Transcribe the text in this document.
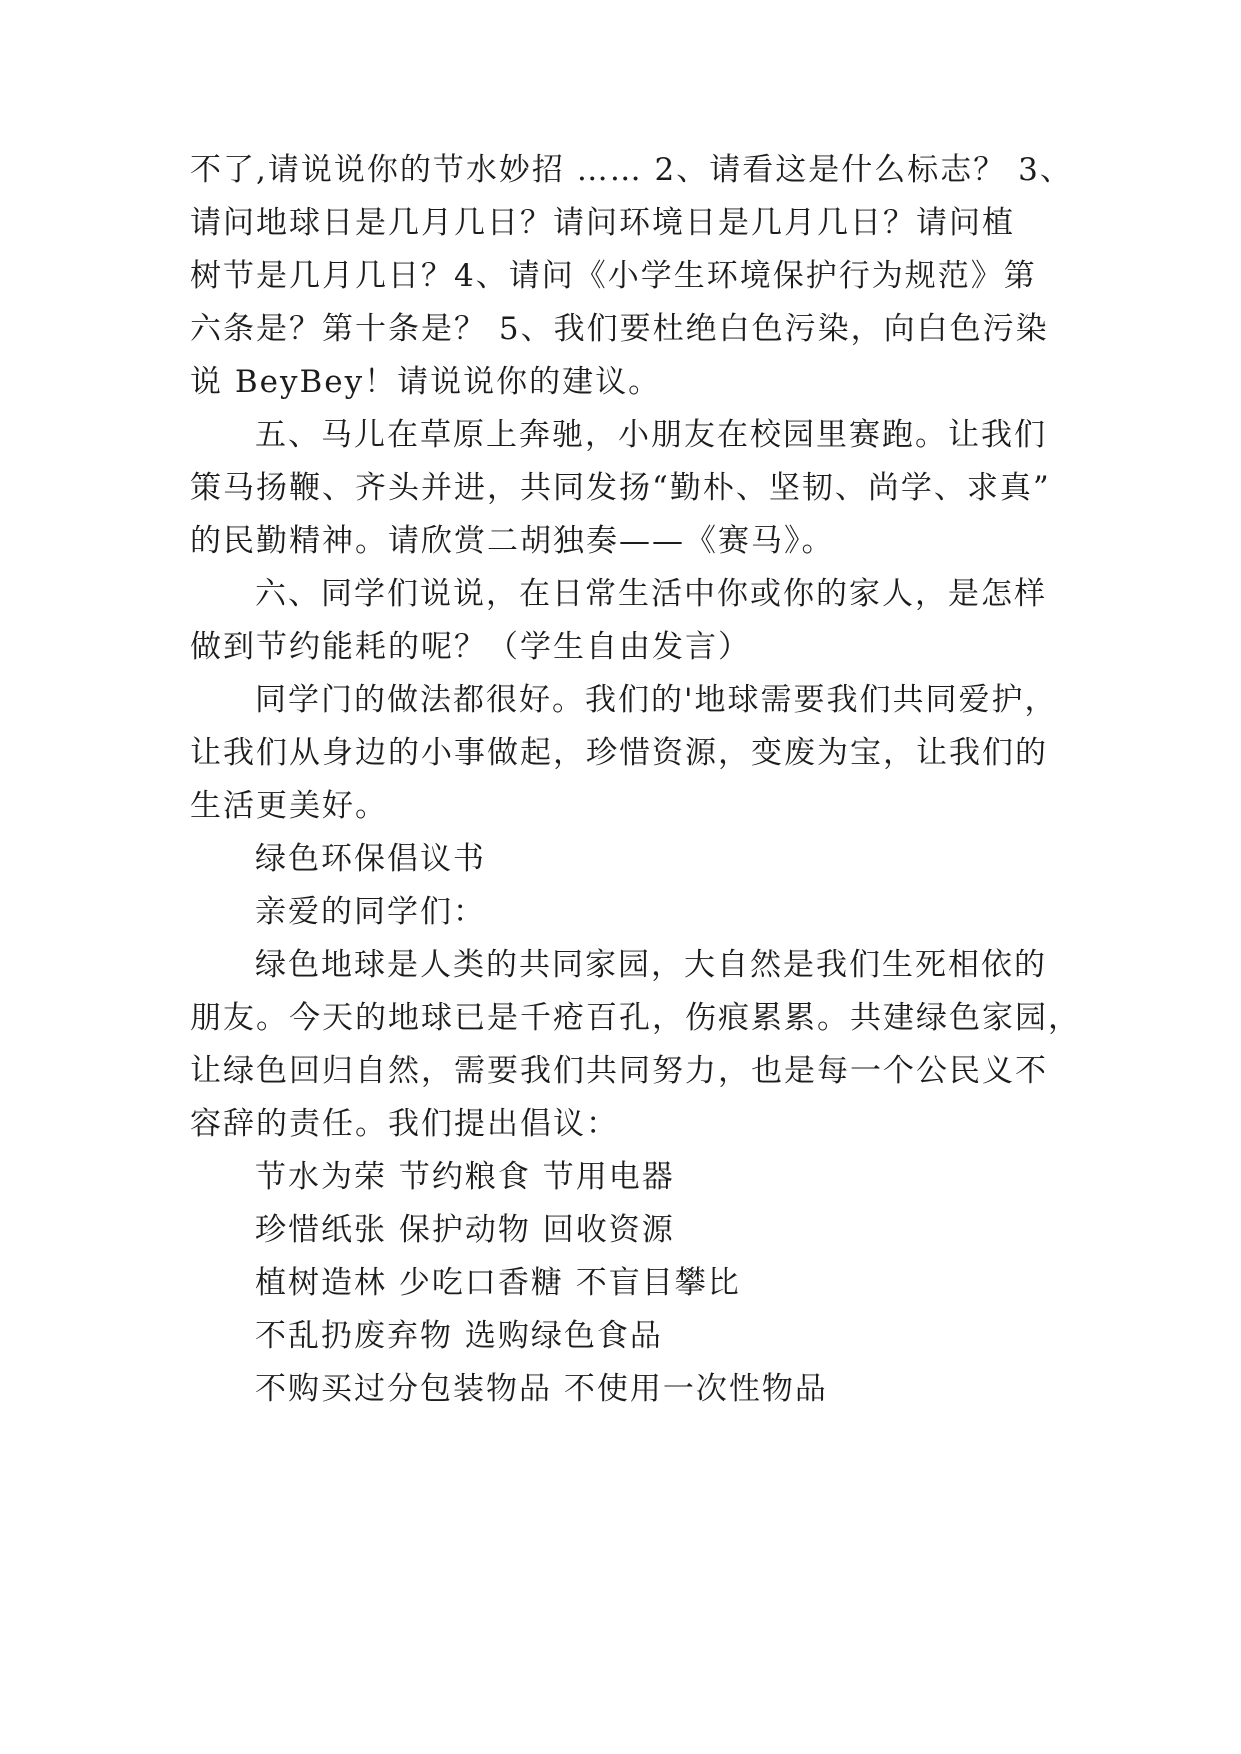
不了,请说说你的节水妙招 …… 2、请看这是什么标志？ 3、
请问地球日是几月几日？请问环境日是几月几日？请问植
树节是几月几日？4、请问《小学生环境保护行为规范》第
六条是？第十条是？ 5、我们要杜绝白色污染，向白色污染
说 BeyBey！请说说你的建议。
五、马儿在草原上奔驰，小朋友在校园里赛跑。让我们
策马扬鞭、齐头并进，共同发扬“勤朴、坚韧、尚学、求真”
的民勤精神。请欣赏二胡独奏——《赛马》。
六、同学们说说，在日常生活中你或你的家人，是怎样
做到节约能耗的呢？（学生自由发言）
同学门的做法都很好。我们的'地球需要我们共同爱护，
让我们从身边的小事做起，珍惜资源，变废为宝，让我们的
生活更美好。
绿色环保倡议书
亲爱的同学们：
绿色地球是人类的共同家园，大自然是我们生死相依的
朋友。今天的地球已是千疮百孔，伤痕累累。共建绿色家园，
让绿色回归自然，需要我们共同努力，也是每一个公民义不
容辞的责任。我们提出倡议：
节水为荣 节约粮食 节用电器
珍惜纸张 保护动物 回收资源
植树造林 少吃口香糖 不盲目攀比
不乱扔废弃物 选购绿色食品
不购买过分包装物品 不使用一次性物品
